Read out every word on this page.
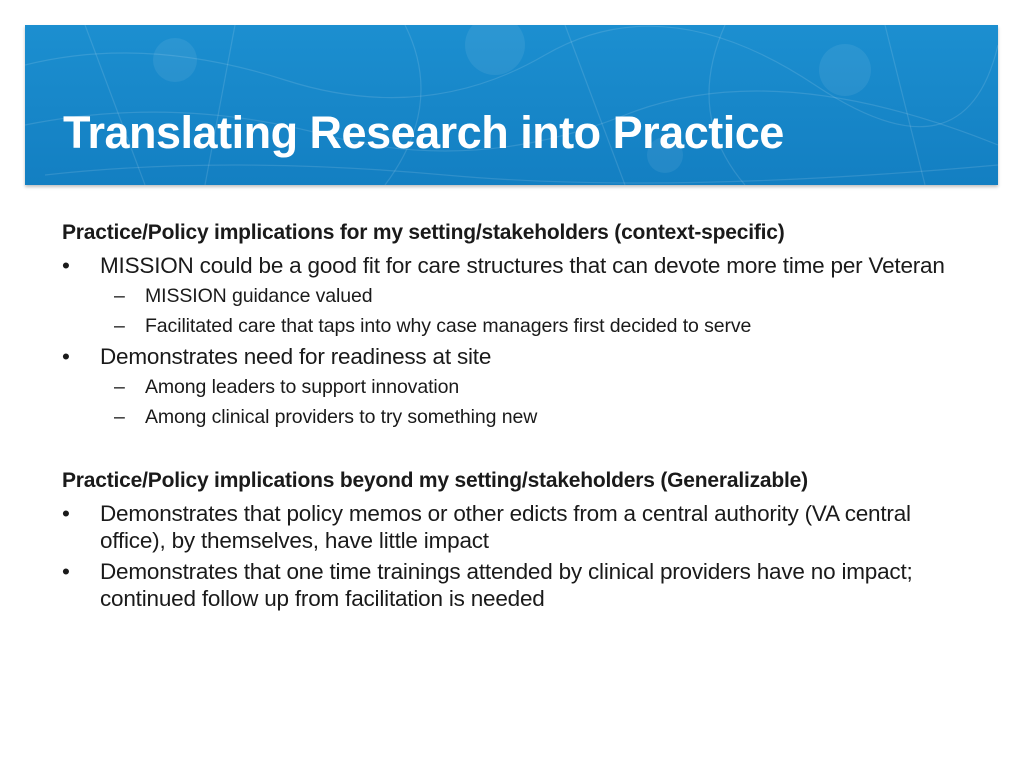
Translating Research into Practice

Practice/Policy implications for my setting/stakeholders (context-specific)

•	MISSION could be a good fit for care structures that can devote more time per Veteran
– MISSION guidance valued
– Facilitated care that taps into why case managers first decided to serve
•	Demonstrates need for readiness at site
– Among leaders to support innovation
– Among clinical providers to try something new

Practice/Policy implications beyond my setting/stakeholders (Generalizable)

•	Demonstrates that policy memos or other edicts from a central authority (VA central office), by themselves, have little impact
•	Demonstrates that one time trainings attended by clinical providers have no impact; continued follow up from facilitation is needed
